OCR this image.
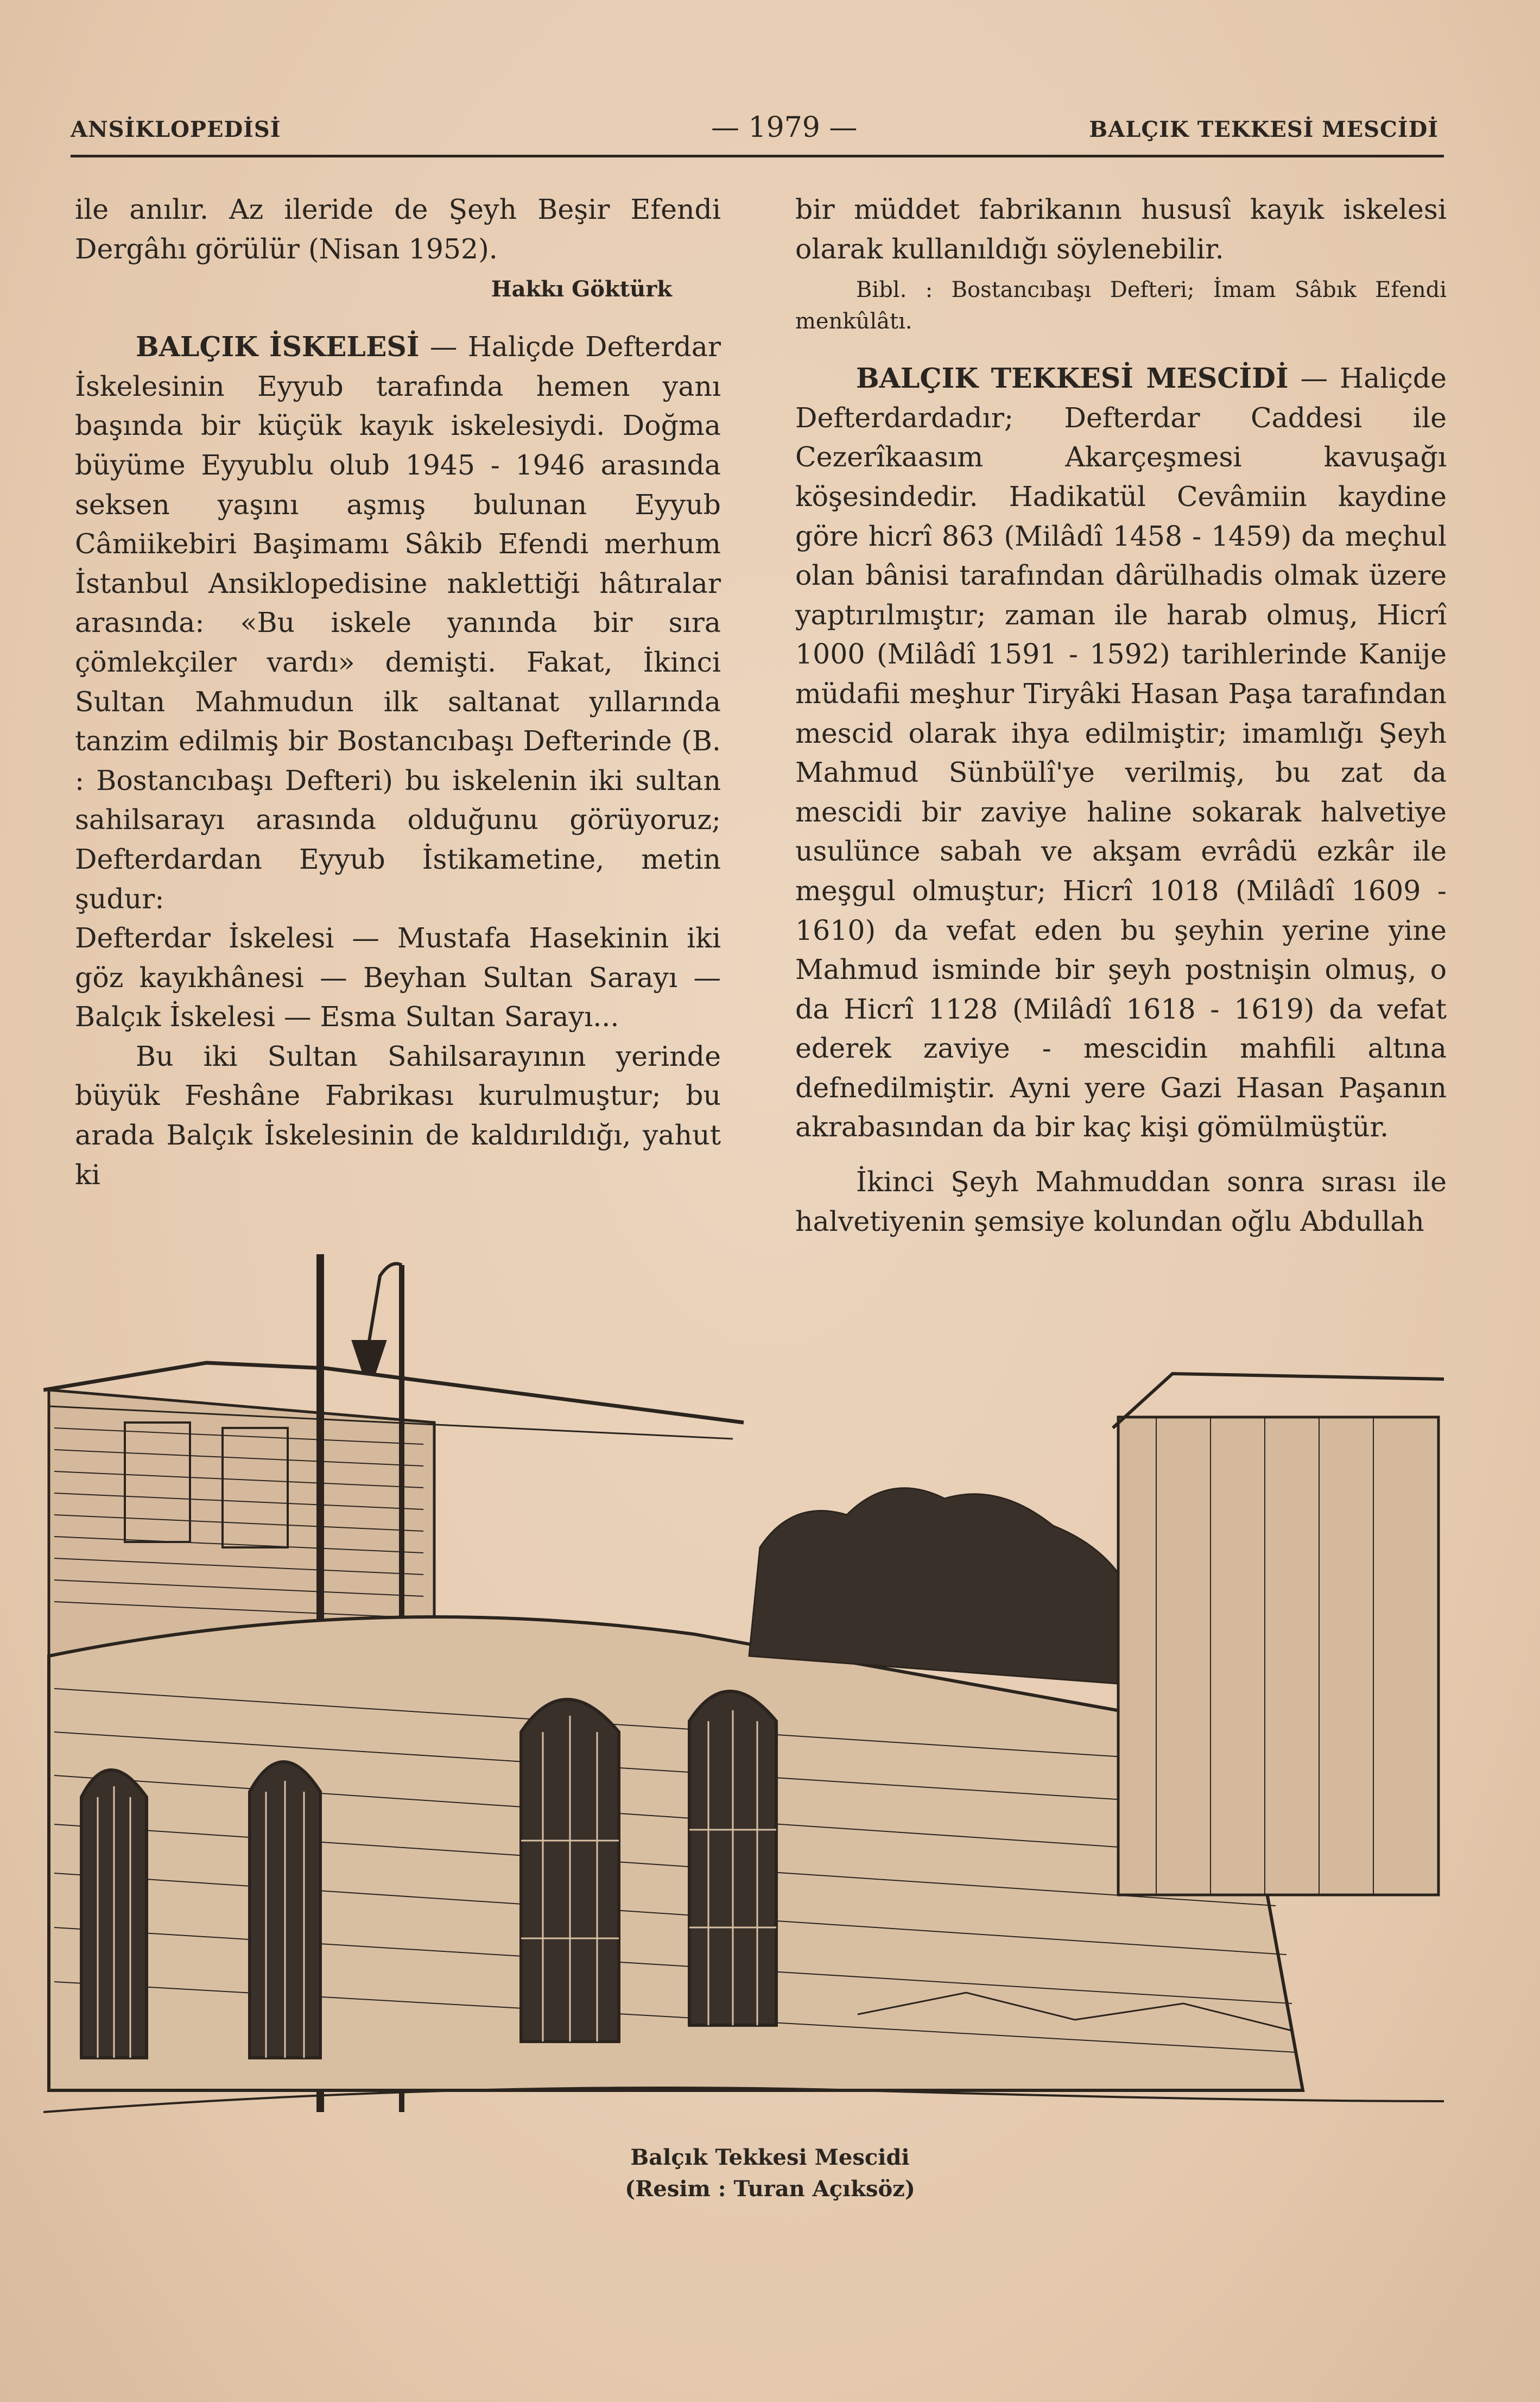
ANSİKLOPEDİSİ	— 1979 —	BALÇIK TEKKESİ MESCİDİ

ile anılır. Az ileride de Şeyh Beşir Efendi Dergâhı görülür (Nisan 1952).

Hakkı Göktürk

BALÇIK İSKELESİ — Haliçde Defterdar İskelesinin Eyyub tarafında hemen yanı başında bir küçük kayık iskelesiydi. Doğma büyüme Eyyublu olub 1945 - 1946 arasında seksen yaşını aşmış bulunan Eyyub Câmiikebiri Başimamı Sâkib Efendi merhum İstanbul Ansiklopedisine naklettiği hâtıralar arasında: «Bu iskele yanında bir sıra çömlekçiler vardı» demişti. Fakat, İkinci Sultan Mahmudun ilk saltanat yıllarında tanzim edilmiş bir Bostancıbaşı Defterinde (B. : Bostancıbaşı Defteri) bu iskelenin iki sultan sahilsarayı arasında olduğunu görüyoruz; Defterdardan Eyyub İstikametine, metin şudur:

Defterdar İskelesi — Mustafa Hasekinin iki göz kayıkhânesi — Beyhan Sultan Sarayı — Balçık İskelesi — Esma Sultan Sarayı...

Bu iki Sultan Sahilsarayının yerinde büyük Feshâne Fabrikası kurulmuştur; bu arada Balçık İskelesinin de kaldırıldığı, yahut ki

bir müddet fabrikanın hususî kayık iskelesi olarak kullanıldığı söylenebilir.

Bibl. : Bostancıbaşı Defteri; İmam Sâbık Efendi menkûlâtı.

BALÇIK TEKKESİ MESCİDİ — Haliçde Defterdardadır; Defterdar Caddesi ile Cezerîkaasım Akarçeşmesi kavuşağı köşesindedir. Hadikatül Cevâmiin kaydine göre hicrî 863 (Milâdî 1458 - 1459) da meçhul olan bânisi tarafından dârülhadis olmak üzere yaptırılmıştır; zaman ile harab olmuş, Hicrî 1000 (Milâdî 1591 - 1592) tarihlerinde Kanije müdafii meşhur Tiryâki Hasan Paşa tarafından mescid olarak ihya edilmiştir; imamlığı Şeyh Mahmud Sünbülî'ye verilmiş, bu zat da mescidi bir zaviye haline sokarak halvetiye usulünce sabah ve akşam evrâdü ezkâr ile meşgul olmuştur; Hicrî 1018 (Milâdî 1609 - 1610) da vefat eden bu şeyhin yerine yine Mahmud isminde bir şeyh postnişin olmuş, o da Hicrî 1128 (Milâdî 1618 - 1619) da vefat ederek zaviye - mescidin mahfili altına defnedilmiştir. Ayni yere Gazi Hasan Paşanın akrabasından da bir kaç kişi gömülmüştür.

İkinci Şeyh Mahmuddan sonra sırası ile halvetiyenin şemsiye kolundan oğlu Abdullah

Balçık Tekkesi Mescidi
(Resim : Turan Açıksöz)
